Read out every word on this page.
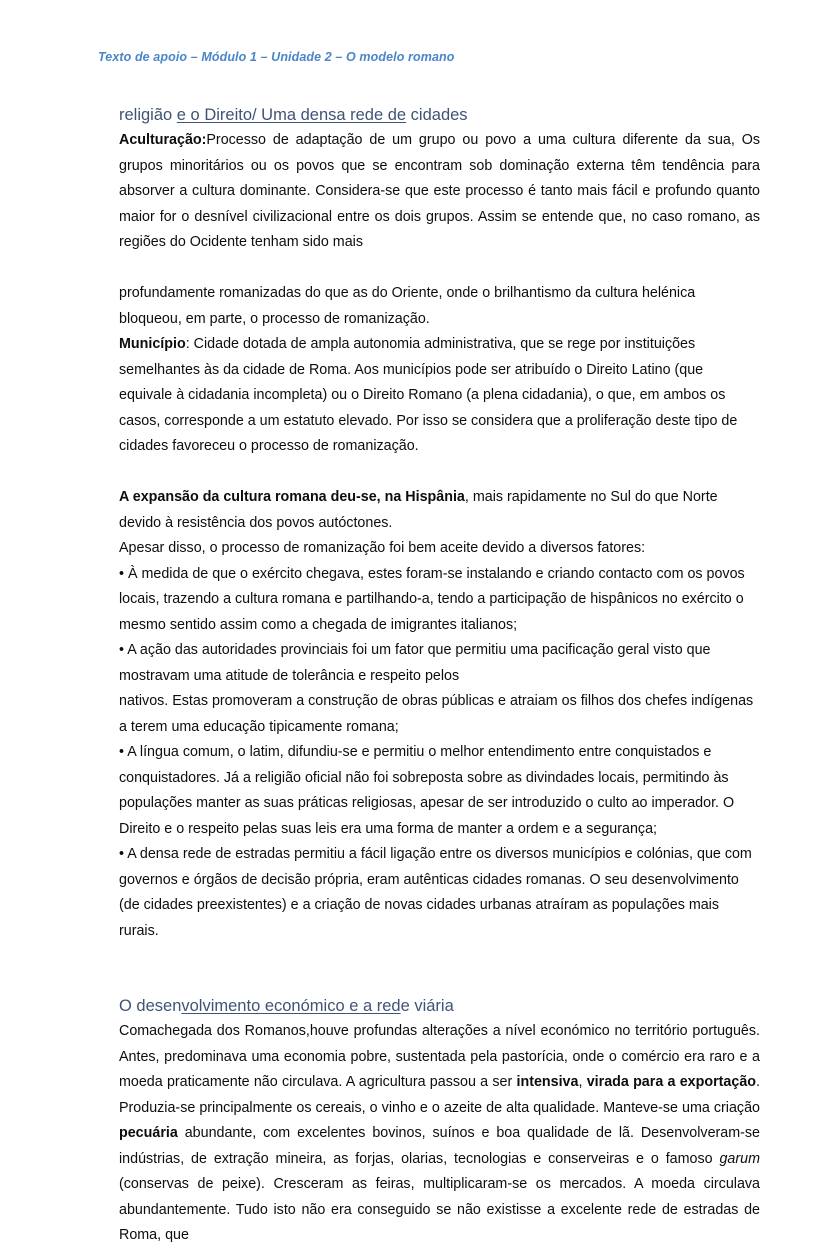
Texto de apoio – Módulo 1 – Unidade 2 – O modelo romano
religião e o Direito/ Uma densa rede de cidades

Aculturação:Processo de adaptação de um grupo ou povo a uma cultura diferente da sua, Os grupos minoritários ou os povos que se encontram sob dominação externa têm tendência para absorver a cultura dominante. Considera-se que este processo é tanto mais fácil e profundo quanto maior for o desnível civilizacional entre os dois grupos. Assim se entende que, no caso romano, as regiões do Ocidente tenham sido mais

profundamente romanizadas do que as do Oriente, onde o brilhantismo da cultura helénica bloqueou, em parte, o processo de romanização.

Município: Cidade dotada de ampla autonomia administrativa, que se rege por instituições semelhantes às da cidade de Roma. Aos municípios pode ser atribuído o Direito Latino (que equivale à cidadania incompleta) ou o Direito Romano (a plena cidadania), o que, em ambos os casos, corresponde a um estatuto elevado. Por isso se considera que a proliferação deste tipo de cidades favoreceu o processo de romanização.

A expansão da cultura romana deu-se, na Hispânia, mais rapidamente no Sul do que Norte devido à resistência dos povos autóctones.

Apesar disso, o processo de romanização foi bem aceite devido a diversos fatores:

• À medida de que o exército chegava, estes foram-se instalando e criando contacto com os povos locais, trazendo a cultura romana e partilhando-a, tendo a participação de hispânicos no exército o mesmo sentido assim como a chegada de imigrantes italianos;

• A ação das autoridades provinciais foi um fator que permitiu uma pacificação geral visto que mostravam uma atitude de tolerância e respeito pelos

nativos. Estas promoveram a construção de obras públicas e atraiam os filhos dos chefes indígenas a terem uma educação tipicamente romana;

• A língua comum, o latim, difundiu-se e permitiu o melhor entendimento entre conquistados e conquistadores. Já a religião oficial não foi sobreposta sobre as divindades locais, permitindo às populações manter as suas práticas religiosas, apesar de ser introduzido o culto ao imperador. O Direito e o respeito pelas suas leis era uma forma de manter a ordem e a segurança;

• A densa rede de estradas permitiu a fácil ligação entre os diversos municípios e colónias, que com governos e órgãos de decisão própria, eram autênticas cidades romanas. O seu desenvolvimento (de cidades preexistentes) e a criação de novas cidades urbanas atraíram as populações mais rurais.

O desenvolvimento económico e a rede viária

Comachegada dos Romanos,houve profundas alterações a nível económico no território português. Antes, predominava uma economia pobre, sustentada pela pastorícia, onde o comércio era raro e a moeda praticamente não circulava. A agricultura passou a ser intensiva, virada para a exportação. Produzia-se principalmente os cereais, o vinho e o azeite de alta qualidade. Manteve-se uma criação pecuária abundante, com excelentes bovinos, suínos e boa qualidade de lã. Desenvolveram-se indústrias, de extração mineira, as forjas, olarias, tecnologias e conserveiras e o famoso garum (conservas de peixe). Cresceram as feiras, multiplicaram-se os mercados. A moeda circulava abundantemente. Tudo isto não era conseguido se não existisse a excelente rede de estradas de Roma, que
